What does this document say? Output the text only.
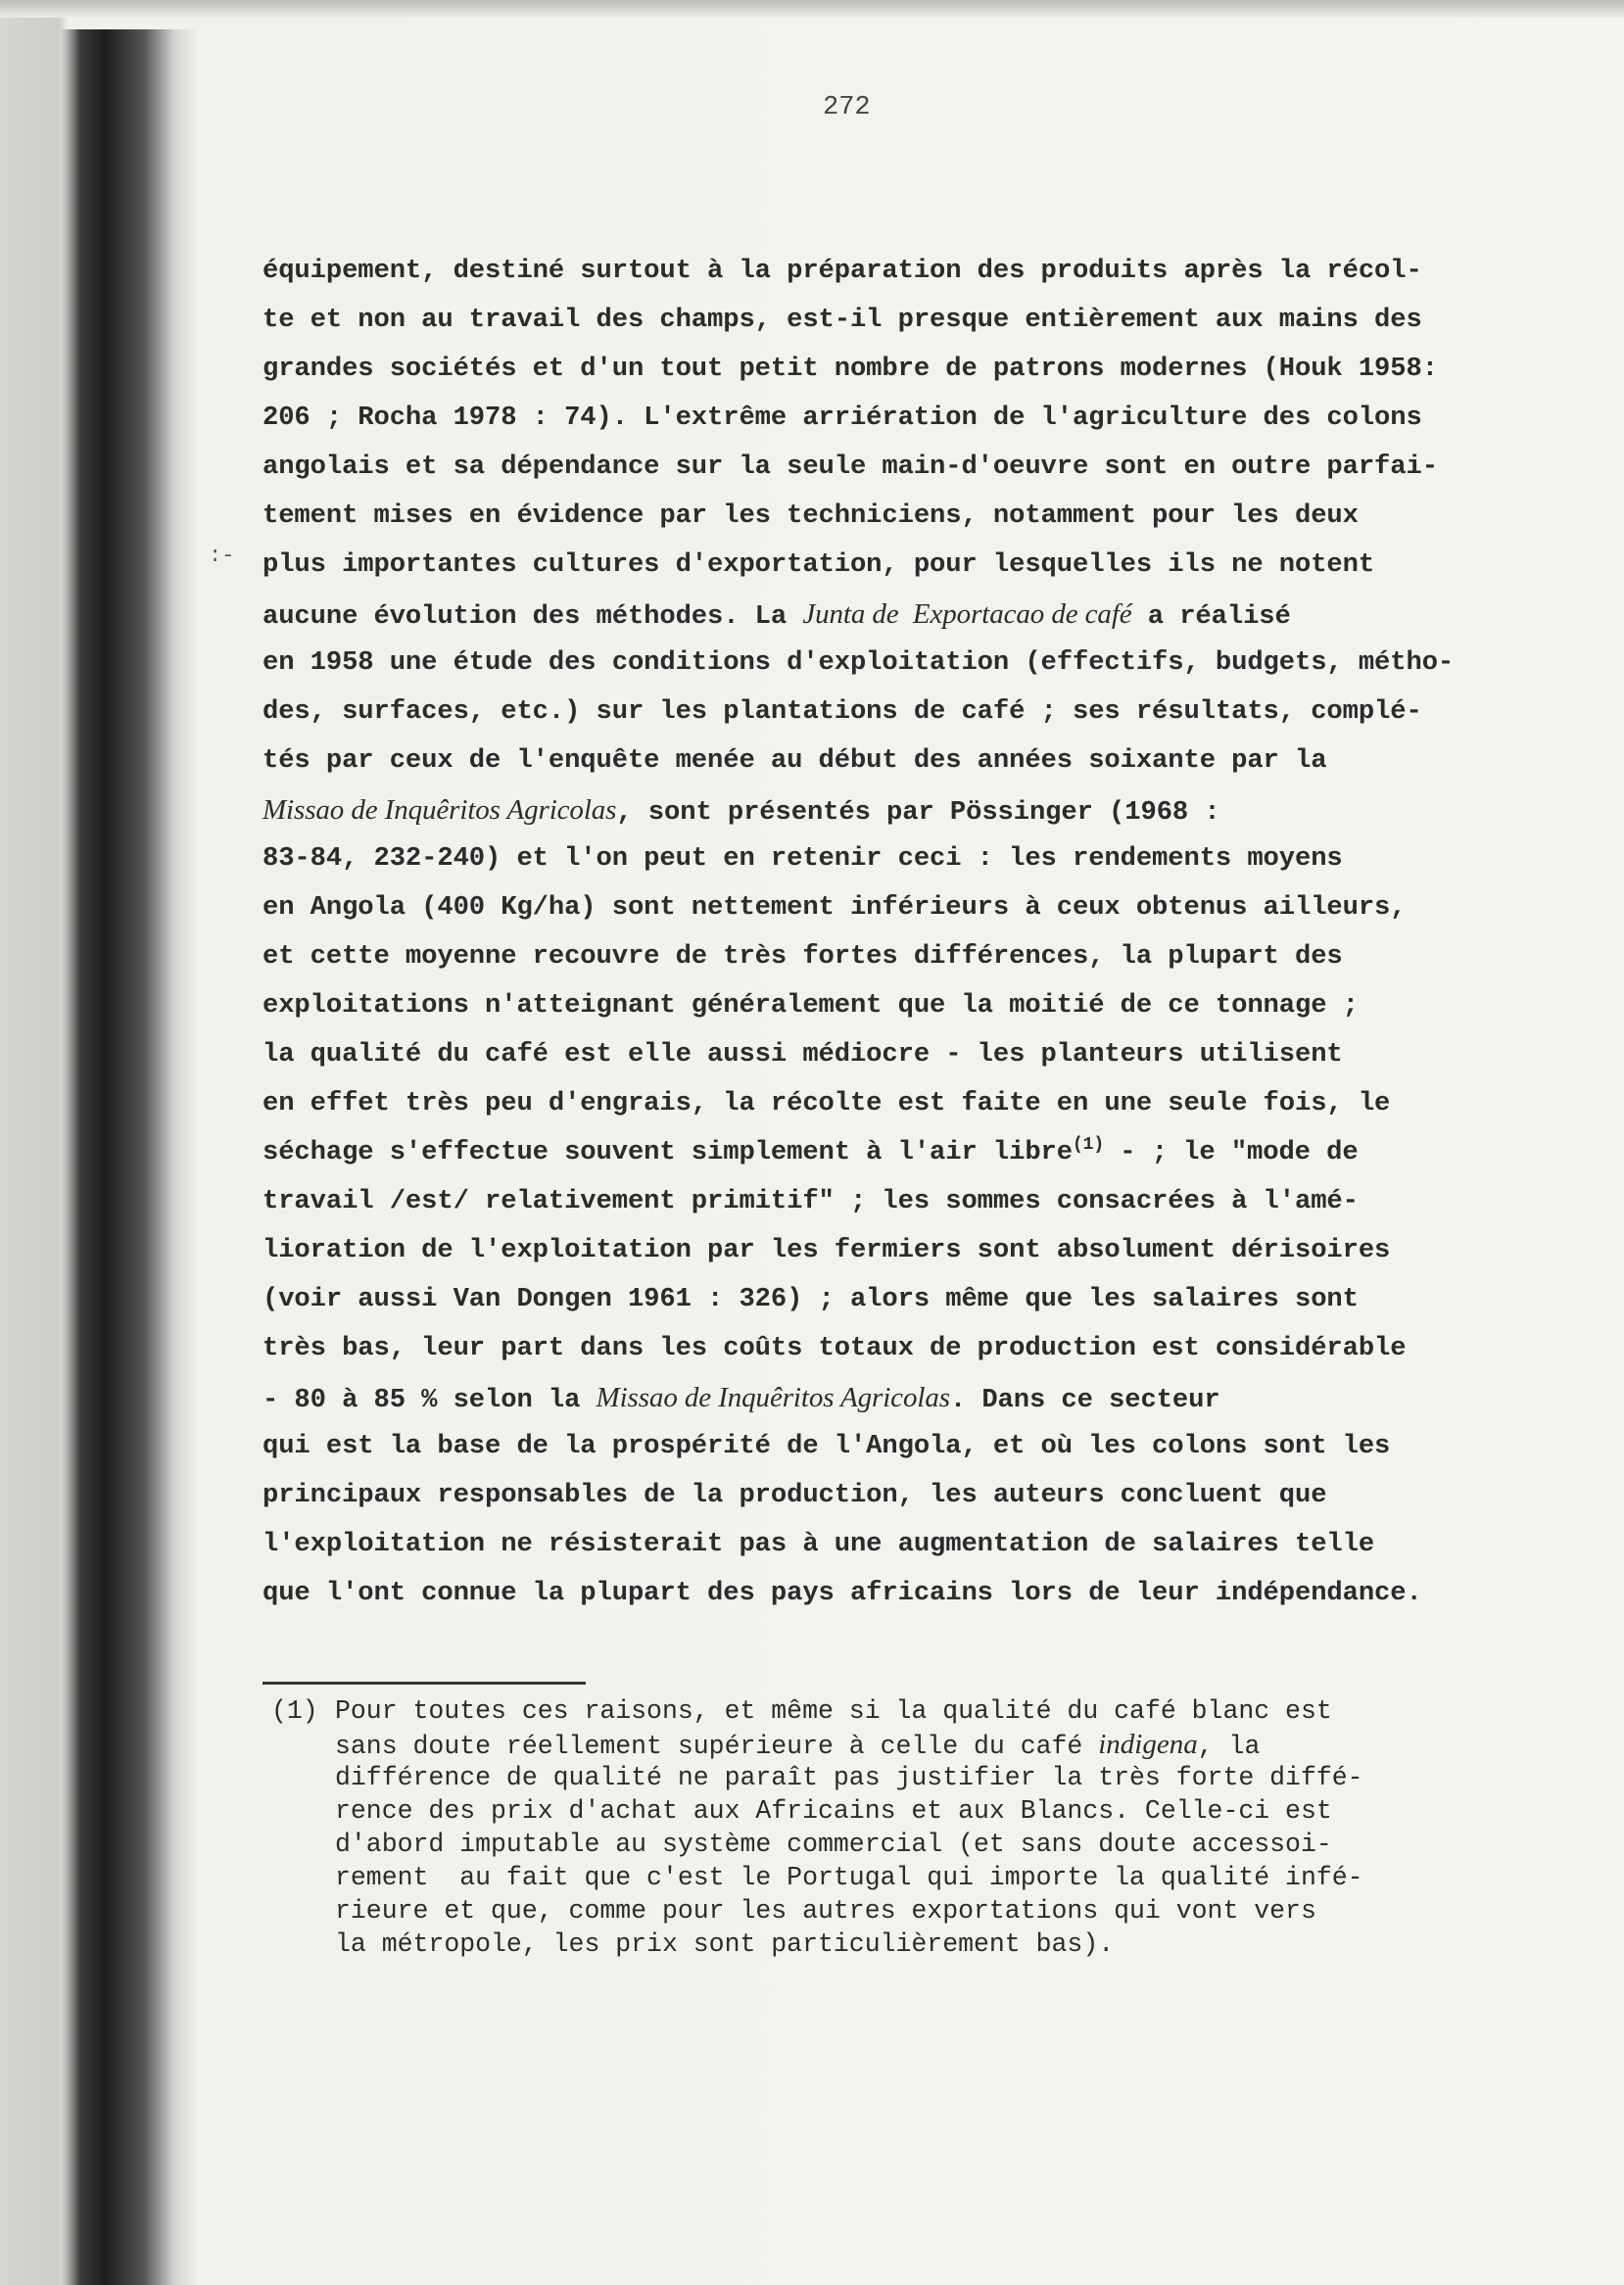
272
:-
équipement, destiné surtout à la préparation des produits après la récol-
te et non au travail des champs, est-il presque entièrement aux mains des
grandes sociétés et d'un tout petit nombre de patrons modernes (Houk 1958:
206 ; Rocha 1978 : 74). L'extrême arriération de l'agriculture des colons
angolais et sa dépendance sur la seule main-d'oeuvre sont en outre parfai-
tement mises en évidence par les techniciens, notamment pour les deux
plus importantes cultures d'exportation, pour lesquelles ils ne notent
aucune évolution des méthodes. La Junta de  Exportacao de café a réalisé
en 1958 une étude des conditions d'exploitation (effectifs, budgets, métho-
des, surfaces, etc.) sur les plantations de café ; ses résultats, complé-
tés par ceux de l'enquête menée au début des années soixante par la
Missao de Inquêritos Agricolas, sont présentés par Pössinger (1968 :
83-84, 232-240) et l'on peut en retenir ceci : les rendements moyens
en Angola (400 Kg/ha) sont nettement inférieurs à ceux obtenus ailleurs,
et cette moyenne recouvre de très fortes différences, la plupart des
exploitations n'atteignant généralement que la moitié de ce tonnage ;
la qualité du café est elle aussi médiocre - les planteurs utilisent
en effet très peu d'engrais, la récolte est faite en une seule fois, le
séchage s'effectue souvent simplement à l'air libre$^{(1)}$ - ; le "mode de
travail /est/ relativement primitif" ; les sommes consacrées à l'amé-
lioration de l'exploitation par les fermiers sont absolument dérisoires
(voir aussi Van Dongen 1961 : 326) ; alors même que les salaires sont
très bas, leur part dans les coûts totaux de production est considérable
- 80 à 85 % selon la Missao de Inquêritos Agricolas. Dans ce secteur
qui est la base de la prospérité de l'Angola, et où les colons sont les
principaux responsables de la production, les auteurs concluent que
l'exploitation ne résisterait pas à une augmentation de salaires telle
que l'ont connue la plupart des pays africains lors de leur indépendance.
(1) Pour toutes ces raisons, et même si la qualité du café blanc est
sans doute réellement supérieure à celle du café indigena, la
différence de qualité ne paraît pas justifier la très forte diffé-
rence des prix d'achat aux Africains et aux Blancs. Celle-ci est
d'abord imputable au système commercial (et sans doute accessoi-
rement  au fait que c'est le Portugal qui importe la qualité infé-
rieure et que, comme pour les autres exportations qui vont vers
la métropole, les prix sont particulièrement bas).
